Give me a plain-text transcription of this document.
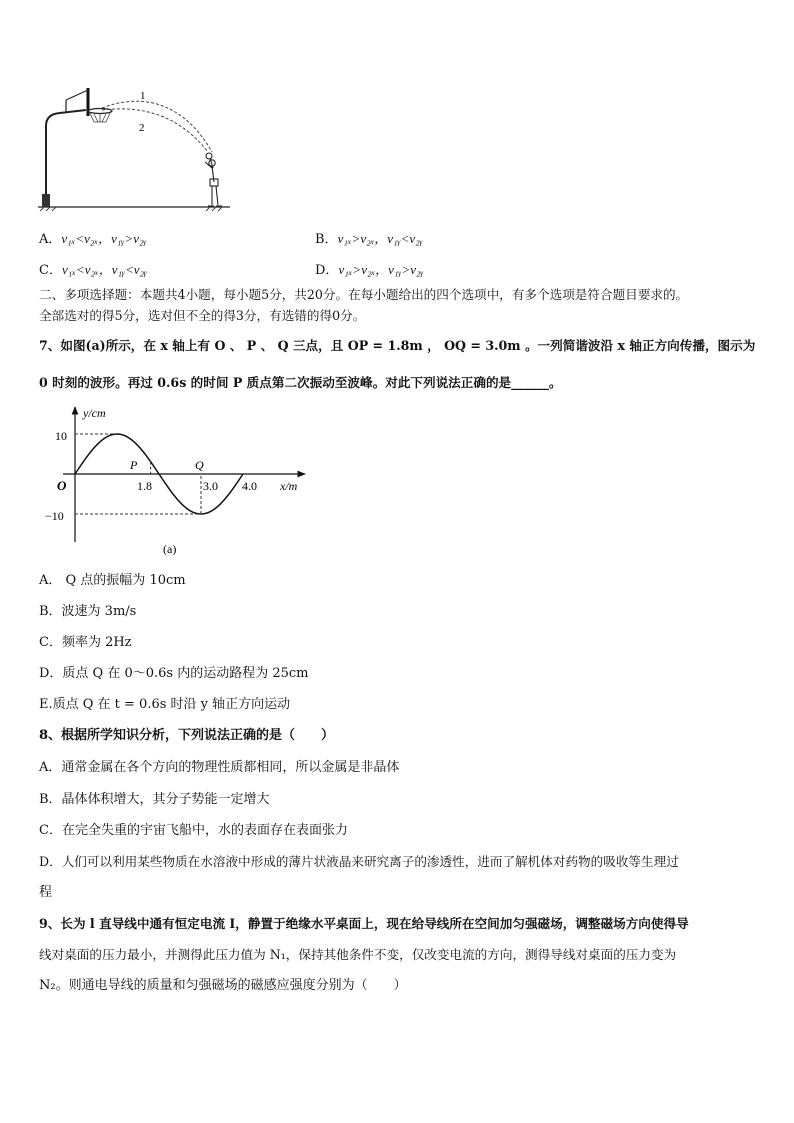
1
2
A．v₁ₓ<v₂ₓ，v₁ᵧ>v₂ᵧ	B．v₁ₓ>v₂ₓ，v₁ᵧ<v₂ᵧ
C．v₁ₓ<v₂ₓ，v₁ᵧ<v₂ᵧ	D．v₁ₓ>v₂ₓ，v₁ᵧ>v₂ᵧ
二、多项选择题：本题共4小题，每小题5分，共20分。在每小题给出的四个选项中，有多个选项是符合题目要求的。
全部选对的得5分，选对但不全的得3分，有选错的得0分。
7、如图(a)所示，在 x 轴上有 O 、 P 、 Q 三点，且 OP = 1.8m ， OQ = 3.0m 。一列简谐波沿 x 轴正方向传播，图示为
0 时刻的波形。再过 0.6s 的时间 P 质点第二次振动至波峰。对此下列说法正确的是______。
y/cm
x/m
O
10
−10
1.8	3.0 4.0
P	Q
(a)
A． Q 点的振幅为 10cm
B．波速为 3m/s
C．频率为 2Hz
D．质点 Q 在 0～0.6s 内的运动路程为 25cm
E.质点 Q 在 t = 0.6s 时沿 y 轴正方向运动
8、根据所学知识分析，下列说法正确的是（　　）
A．通常金属在各个方向的物理性质都相同，所以金属是非晶体
B．晶体体积增大，其分子势能一定增大
C．在完全失重的宇宙飞船中，水的表面存在表面张力
D．人们可以利用某些物质在水溶液中形成的薄片状液晶来研究离子的渗透性，进而了解机体对药物的吸收等生理过
程
9、长为 l 直导线中通有恒定电流 I，静置于绝缘水平桌面上，现在给导线所在空间加匀强磁场，调整磁场方向使得导
线对桌面的压力最小，并测得此压力值为 N₁，保持其他条件不变，仅改变电流的方向，测得导线对桌面的压力变为
N₂。则通电导线的质量和匀强磁场的磁感应强度分别为（　　）
